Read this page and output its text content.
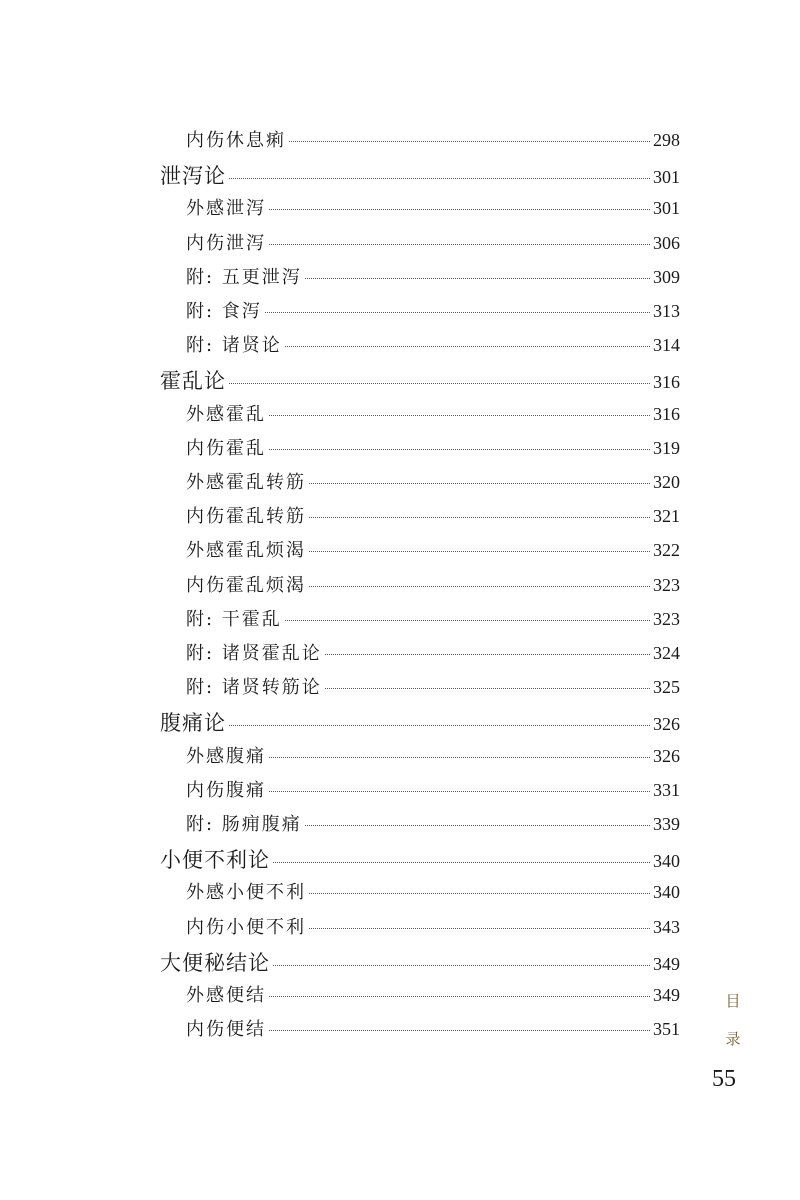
内伤休息痢	298
泄泻论	301
外感泄泻	301
内伤泄泻	306
附: 五更泄泻	309
附: 食泻	313
附: 诸贤论	314
霍乱论	316
外感霍乱	316
内伤霍乱	319
外感霍乱转筋	320
内伤霍乱转筋	321
外感霍乱烦渴	322
内伤霍乱烦渴	323
附: 干霍乱	323
附: 诸贤霍乱论	324
附: 诸贤转筋论	325
腹痛论	326
外感腹痛	326
内伤腹痛	331
附: 肠痈腹痛	339
小便不利论	340
外感小便不利	340
内伤小便不利	343
大便秘结论	349
外感便结	349
内伤便结	351
目
录
55
